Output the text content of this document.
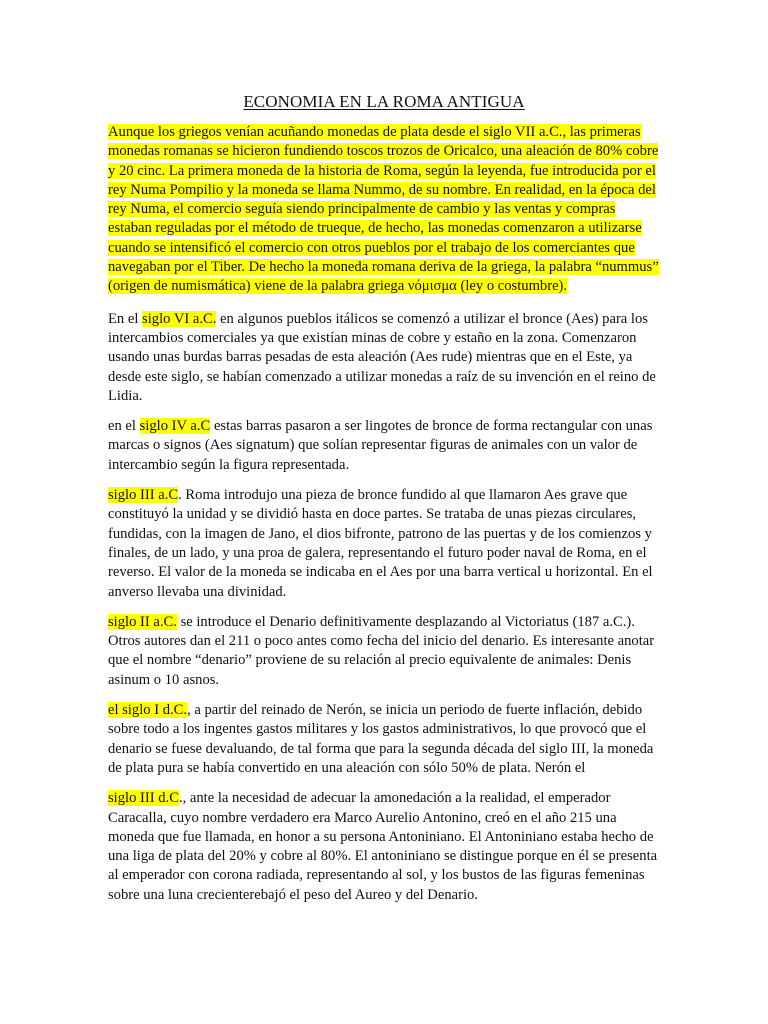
ECONOMIA EN LA ROMA ANTIGUA

Aunque los griegos venían acuñando monedas de plata desde el siglo VII a.C., las primeras monedas romanas se hicieron fundiendo toscos trozos de Oricalco, una aleación de 80% cobre y 20 cinc. La primera moneda de la historia de Roma, según la leyenda, fue introducida por el rey Numa Pompilio y la moneda se llama Nummo, de su nombre. En realidad, en la época del rey Numa, el comercio seguía siendo principalmente de cambio y las ventas y compras estaban reguladas por el método de trueque, de hecho, las monedas comenzaron a utilizarse cuando se intensificó el comercio con otros pueblos por el trabajo de los comerciantes que navegaban por el Tiber. De hecho la moneda romana deriva de la griega, la palabra “nummus” (origen de numismática) viene de la palabra griega νόμισμα (ley o costumbre).

En el siglo VI a.C. en algunos pueblos itálicos se comenzó a utilizar el bronce (Aes) para los intercambios comerciales ya que existían minas de cobre y estaño en la zona. Comenzaron usando unas burdas barras pesadas de esta aleación (Aes rude) mientras que en el Este, ya desde este siglo, se habían comenzado a utilizar monedas a raíz de su invención en el reino de Lidia.

en el siglo IV a.C estas barras pasaron a ser lingotes de bronce de forma rectangular con unas marcas o signos (Aes signatum) que solían representar figuras de animales con un valor de intercambio según la figura representada.

siglo III a.C. Roma introdujo una pieza de bronce fundido al que llamaron Aes grave que constituyó la unidad y se dividió hasta en doce partes. Se trataba de unas piezas circulares, fundidas, con la imagen de Jano, el dios bifronte, patrono de las puertas y de los comienzos y finales, de un lado, y una proa de galera, representando el futuro poder naval de Roma, en el reverso. El valor de la moneda se indicaba en el Aes por una barra vertical u horizontal. En el anverso llevaba una divinidad.

siglo II a.C. se introduce el Denario definitivamente desplazando al Victoriatus (187 a.C.). Otros autores dan el 211 o poco antes como fecha del inicio del denario. Es interesante anotar que el nombre “denario” proviene de su relación al precio equivalente de animales: Denis asinum o 10 asnos.

el siglo I d.C., a partir del reinado de Nerón, se inicia un periodo de fuerte inflación, debido sobre todo a los ingentes gastos militares y los gastos administrativos, lo que provocó que el denario se fuese devaluando, de tal forma que para la segunda década del siglo III, la moneda de plata pura se había convertido en una aleación con sólo 50% de plata. Nerón el

siglo III d.C., ante la necesidad de adecuar la amonedación a la realidad, el emperador Caracalla, cuyo nombre verdadero era Marco Aurelio Antonino, creó en el año 215 una moneda que fue llamada, en honor a su persona Antoniniano. El Antoniniano estaba hecho de una liga de plata del 20% y cobre al 80%. El antoniniano se distingue porque en él se presenta al emperador con corona radiada, representando al sol, y los bustos de las figuras femeninas sobre una luna crecienterebajó el peso del Aureo y del Denario.
